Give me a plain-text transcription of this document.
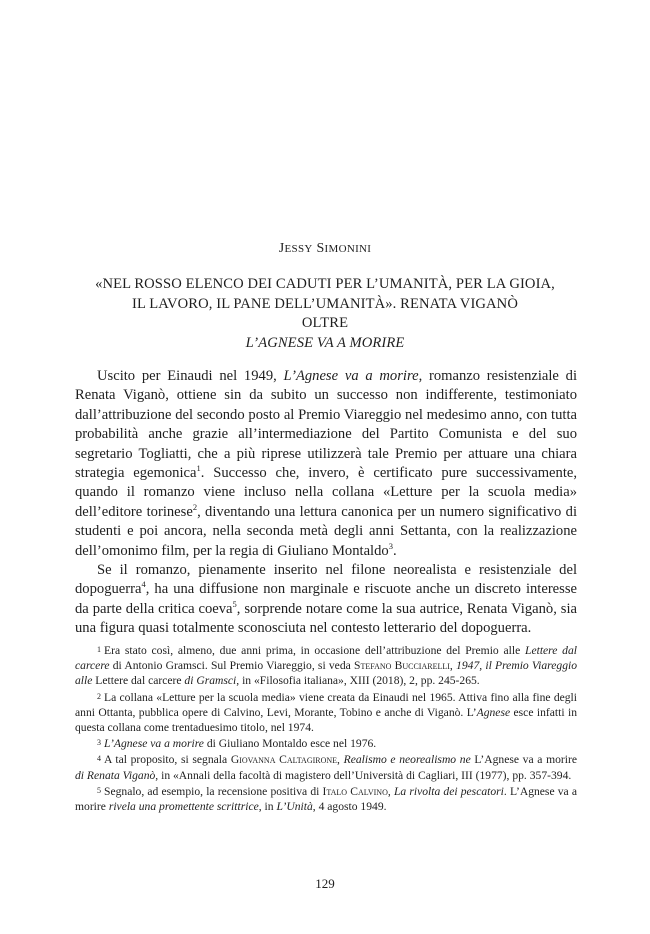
JESSY SIMONINI
«NEL ROSSO ELENCO DEI CADUTI PER L’UMANITÀ, PER LA GIOIA,
IL LAVORO, IL PANE DELL’UMANITÀ». RENATA VIGANÒ
OLTRE
L’AGNESE VA A MORIRE

Uscito per Einaudi nel 1949, L’Agnese va a morire, romanzo resistenziale di Renata Viganò, ottiene sin da subito un successo non indifferente, testimoniato dall’attribuzione del secondo posto al Premio Viareggio nel medesimo anno, con tutta probabilità anche grazie all’intermediazione del Partito Comunista e del suo segretario Togliatti, che a più riprese utilizzerà tale Premio per attuare una chiara strategia egemonica$^1$. Successo che, invero, è certificato pure successivamente, quando il romanzo viene incluso nella collana «Letture per la scuola media» dell’editore torinese$^2$, diventando una lettura canonica per un numero significativo di studenti e poi ancora, nella seconda metà degli anni Settanta, con la realizzazione dell’omonimo film, per la regia di Giuliano Montaldo$^3$.

Se il romanzo, pienamente inserito nel filone neorealista e resistenziale del dopoguerra$^4$, ha una diffusione non marginale e riscuote anche un discreto interesse da parte della critica coeva$^5$, sorprende notare come la sua autrice, Renata Viganò, sia una figura quasi totalmente sconosciuta nel contesto letterario del dopoguerra.

1 Era stato così, almeno, due anni prima, in occasione dell’attribuzione del Premio alle Lettere dal carcere di Antonio Gramsci. Sul Premio Viareggio, si veda Stefano Bucciarelli, 1947, il Premio Viareggio alle Lettere dal carcere di Gramsci, in «Filosofia italiana», XIII (2018), 2, pp. 245-265.

2 La collana «Letture per la scuola media» viene creata da Einaudi nel 1965. Attiva fino alla fine degli anni Ottanta, pubblica opere di Calvino, Levi, Morante, Tobino e anche di Viganò. L’Agnese esce infatti in questa collana come trentaduesimo titolo, nel 1974.

3 L’Agnese va a morire di Giuliano Montaldo esce nel 1976.

4 A tal proposito, si segnala Giovanna Caltagirone, Realismo e neorealismo ne L’Agnese va a morire di Renata Viganò, in «Annali della facoltà di magistero dell’Università di Cagliari, III (1977), pp. 357-394.

5 Segnalo, ad esempio, la recensione positiva di Italo Calvino, La rivolta dei pescatori. L’Agnese va a morire rivela una promettente scrittrice, in L’Unità, 4 agosto 1949.

129
